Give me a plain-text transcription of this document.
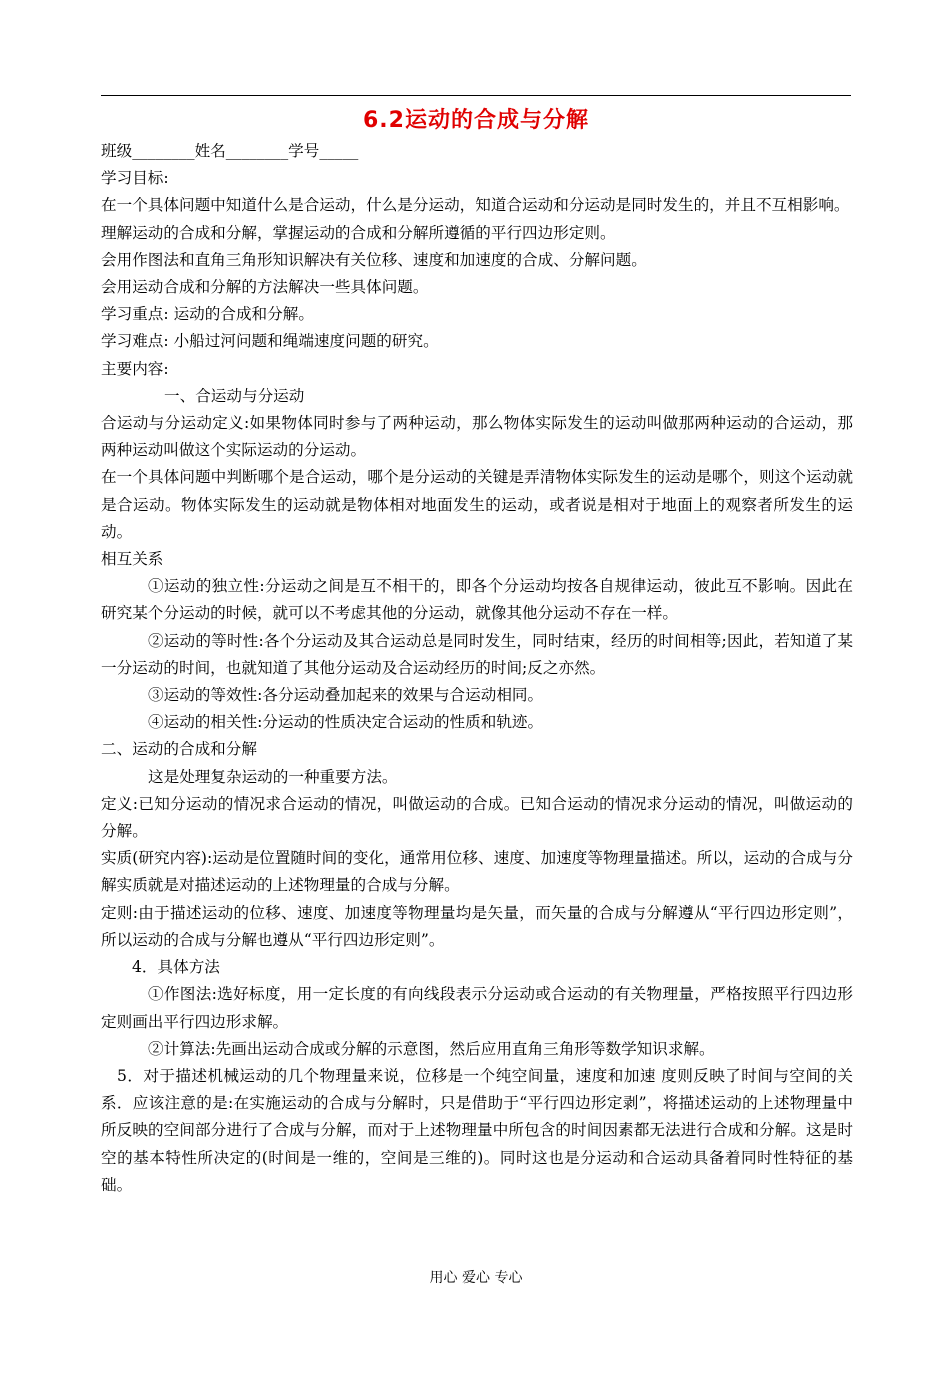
6.2运动的合成与分解

班级________姓名________学号_____

学习目标:

在一个具体问题中知道什么是合运动，什么是分运动，知道合运动和分运动是同时发生的，并且不互相影响。

理解运动的合成和分解，掌握运动的合成和分解所遵循的平行四边形定则。

会用作图法和直角三角形知识解决有关位移、速度和加速度的合成、分解问题。

会用运动合成和分解的方法解决一些具体问题。

学习重点: 运动的合成和分解。

学习难点: 小船过河问题和绳端速度问题的研究。

主要内容:

一、合运动与分运动

合运动与分运动定义:如果物体同时参与了两种运动，那么物体实际发生的运动叫做那两种运动的合运动，那两种运动叫做这个实际运动的分运动。

在一个具体问题中判断哪个是合运动，哪个是分运动的关键是弄清物体实际发生的运动是哪个，则这个运动就是合运动。物体实际发生的运动就是物体相对地面发生的运动，或者说是相对于地面上的观察者所发生的运动。

相互关系

①运动的独立性:分运动之间是互不相干的，即各个分运动均按各自规律运动，彼此互不影响。因此在研究某个分运动的时候，就可以不考虑其他的分运动，就像其他分运动不存在一样。

②运动的等时性:各个分运动及其合运动总是同时发生，同时结束，经历的时间相等;因此，若知道了某一分运动的时间，也就知道了其他分运动及合运动经历的时间;反之亦然。

③运动的等效性:各分运动叠加起来的效果与合运动相同。

④运动的相关性:分运动的性质决定合运动的性质和轨迹。

二、运动的合成和分解

这是处理复杂运动的一种重要方法。

定义:已知分运动的情况求合运动的情况，叫做运动的合成。已知合运动的情况求分运动的情况，叫做运动的分解。

实质(研究内容):运动是位置随时间的变化，通常用位移、速度、加速度等物理量描述。所以，运动的合成与分解实质就是对描述运动的上述物理量的合成与分解。

定则:由于描述运动的位移、速度、加速度等物理量均是矢量，而矢量的合成与分解遵从“平行四边形定则”，所以运动的合成与分解也遵从“平行四边形定则”。

4．具体方法

①作图法:选好标度，用一定长度的有向线段表示分运动或合运动的有关物理量，严格按照平行四边形定则画出平行四边形求解。

②计算法:先画出运动合成或分解的示意图，然后应用直角三角形等数学知识求解。

5．对于描述机械运动的几个物理量来说，位移是一个纯空间量，速度和加速 度则反映了时间与空间的关系．应该注意的是:在实施运动的合成与分解时，只是借助于“平行四边形定剥”，将描述运动的上述物理量中所反映的空间部分进行了合成与分解，而对于上述物理量中所包含的时间因素都无法进行合成和分解。这是时空的基本特性所决定的(时间是一维的，空间是三维的)。同时这也是分运动和合运动具备着同时性特征的基础。

用心 爱心 专心
